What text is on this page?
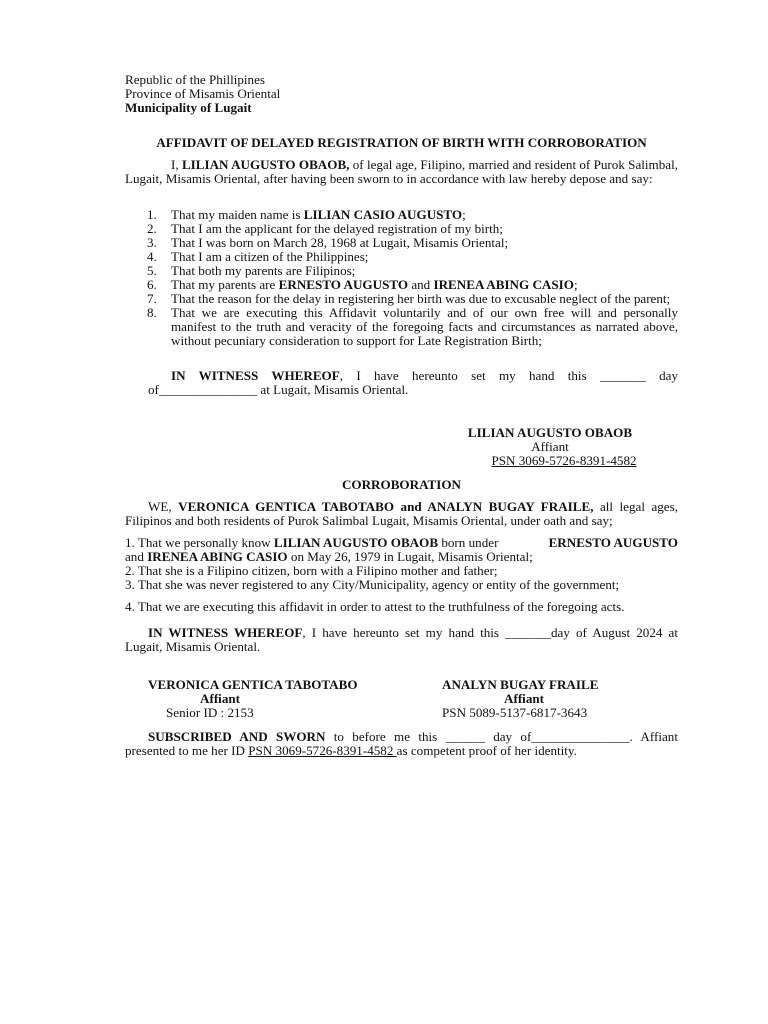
Republic of the Phillipines
Province of Misamis Oriental
Municipality of Lugait
AFFIDAVIT OF DELAYED REGISTRATION OF BIRTH WITH CORROBORATION
I, LILIAN AUGUSTO OBAOB, of legal age, Filipino, married and resident of Purok Salimbal, Lugait, Misamis Oriental, after having been sworn to in accordance with law hereby depose and say:
1.	That my maiden name is LILIAN CASIO AUGUSTO;
2.	That I am the applicant for the delayed registration of my birth;
3.	That I was born on March 28, 1968 at Lugait, Misamis Oriental;
4.	That I am a citizen of the Philippines;
5.	That both my parents are Filipinos;
6.	That my parents are ERNESTO AUGUSTO and IRENEA ABING CASIO;
7.	That the reason for the delay in registering her birth was due to excusable neglect of the parent;
8.	That we are executing this Affidavit voluntarily and of our own free will and personally manifest to the truth and veracity of the foregoing facts and circumstances as narrated above, without pecuniary consideration to support for Late Registration Birth;
IN WITNESS WHEREOF, I have hereunto set my hand this _______ day of_______________ at Lugait, Misamis Oriental.
LILIAN AUGUSTO OBAOB
Affiant
PSN 3069-5726-8391-4582
CORROBORATION
WE, VERONICA GENTICA TABOTABO and ANALYN BUGAY FRAILE, all legal ages, Filipinos and both residents of Purok Salimbal Lugait, Misamis Oriental, under oath and say;
1. That we personally know LILIAN AUGUSTO OBAOB born under	ERNESTO AUGUSTO

and IRENEA ABING CASIO on May 26, 1979 in Lugait, Misamis Oriental;
2. That she is a Filipino citizen, born with a Filipino mother and father;
3. That she was never registered to any City/Municipality, agency or entity of the government;
4. That we are executing this affidavit in order to attest to the truthfulness of the foregoing acts.
IN WITNESS WHEREOF, I have hereunto set my hand this _______day of August 2024 at Lugait, Misamis Oriental.
VERONICA GENTICA TABOTABO
Affiant
Senior ID : 2153
ANALYN BUGAY FRAILE
Affiant
PSN 5089-5137-6817-3643
SUBSCRIBED AND SWORN to before me this ______ day of_______________. Affiant presented to me her ID PSN 3069-5726-8391-4582 as competent proof of her identity.
